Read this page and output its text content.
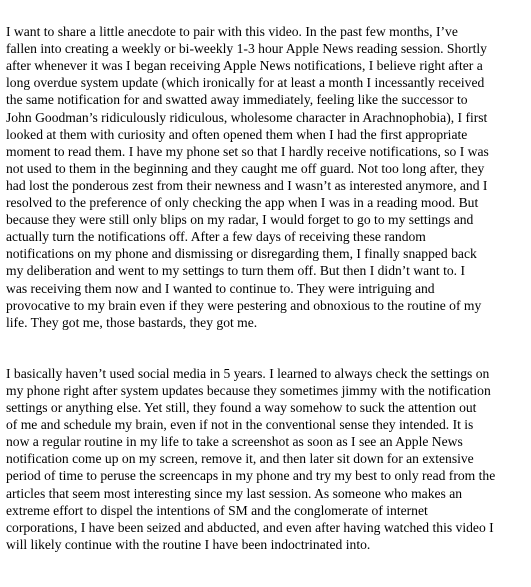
I want to share a little anecdote to pair with this video. In the past few months, I’ve
fallen into creating a weekly or bi-weekly 1-3 hour Apple News reading session. Shortly
after whenever it was I began receiving Apple News notifications, I believe right after a
long overdue system update (which ironically for at least a month I incessantly received
the same notification for and swatted away immediately, feeling like the successor to
John Goodman’s ridiculously ridiculous, wholesome character in Arachnophobia), I first
looked at them with curiosity and often opened them when I had the first appropriate
moment to read them. I have my phone set so that I hardly receive notifications, so I was
not used to them in the beginning and they caught me off guard. Not too long after, they
had lost the ponderous zest from their newness and I wasn’t as interested anymore, and I
resolved to the preference of only checking the app when I was in a reading mood. But
because they were still only blips on my radar, I would forget to go to my settings and
actually turn the notifications off. After a few days of receiving these random
notifications on my phone and dismissing or disregarding them, I finally snapped back
my deliberation and went to my settings to turn them off. But then I didn’t want to. I
was receiving them now and I wanted to continue to. They were intriguing and
provocative to my brain even if they were pestering and obnoxious to the routine of my
life. They got me, those bastards, they got me.

I basically haven’t used social media in 5 years. I learned to always check the settings on
my phone right after system updates because they sometimes jimmy with the notification
settings or anything else. Yet still, they found a way somehow to suck the attention out
of me and schedule my brain, even if not in the conventional sense they intended. It is
now a regular routine in my life to take a screenshot as soon as I see an Apple News
notification come up on my screen, remove it, and then later sit down for an extensive
period of time to peruse the screencaps in my phone and try my best to only read from the
articles that seem most interesting since my last session. As someone who makes an
extreme effort to dispel the intentions of SM and the conglomerate of internet
corporations, I have been seized and abducted, and even after having watched this video I
will likely continue with the routine I have been indoctrinated into.
